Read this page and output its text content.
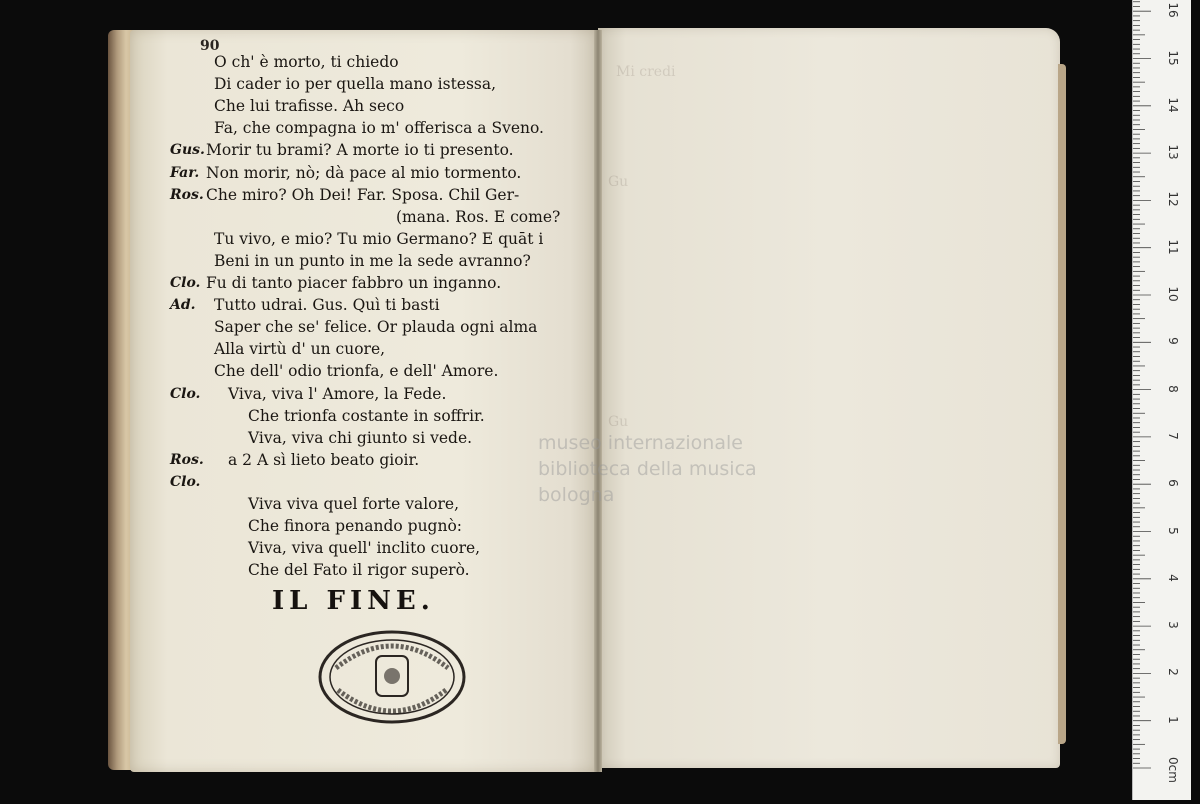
Mi credi
Gu
Gu
90
O ch' è morto, ti chiedo
Di cader io per quella mano istessa,
Che lui trafisse. Ah seco
Fa, che compagna io m' offerisca a Sveno.
Gus. Morir tu brami? A morte io ti presento.
Far. Non morir, nò; dà pace al mio tormento.
Ros. Che miro? Oh Dei! Far. Sposa. Chil Ger-
(mana. Ros. E come?
Tu vivo, e mio? Tu mio Germano? E quāt i
Beni in un punto in me la sede avranno?
Clo. Fu di tanto piacer fabbro un inganno.
Ad. Tutto udrai. Gus. Quì ti basti
Saper che se' felice. Or plauda ogni alma
Alla virtù d' un cuore,
Che dell' odio trionfa, e dell' Amore.
Clo. Viva, viva l' Amore, la Fede.
Che trionfa costante in soffrir.
Viva, viva chi giunto si vede.
Ros. a 2 A sì lieto beato gioir.
Clo.
Viva viva quel forte valore,
Che finora penando pugnò:
Viva, viva quell' inclito cuore,
Che del Fato il rigor superò.
IL FINE.
museo internazionale
biblioteca della musica
bologna
16
15
14
13
12
11
10
9
8
7
6
5
4
3
2
1
0cm
